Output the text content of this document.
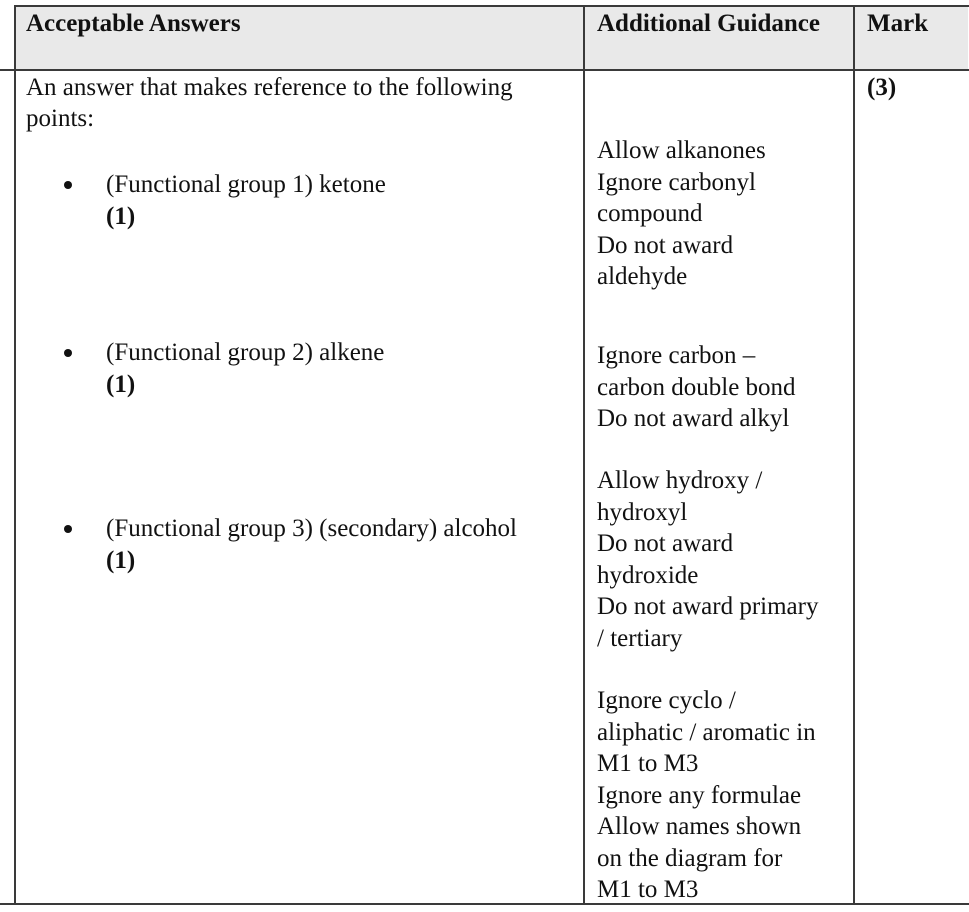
Acceptable Answers	Additional Guidance Mark
An answer that makes reference to the following
points:
(Functional group 1) ketone
(1)
(Functional group 2) alkene
(1)
(Functional group 3) (secondary) alcohol
(1)
Allow alkanones
Ignore carbonyl
compound
Do not award
aldehyde
Ignore carbon –
carbon double bond
Do not award alkyl
Allow hydroxy /
hydroxyl
Do not award
hydroxide
Do not award primary
/ tertiary
Ignore cyclo /
aliphatic / aromatic in
M1 to M3
Ignore any formulae
Allow names shown
on the diagram for
M1 to M3
(3)
